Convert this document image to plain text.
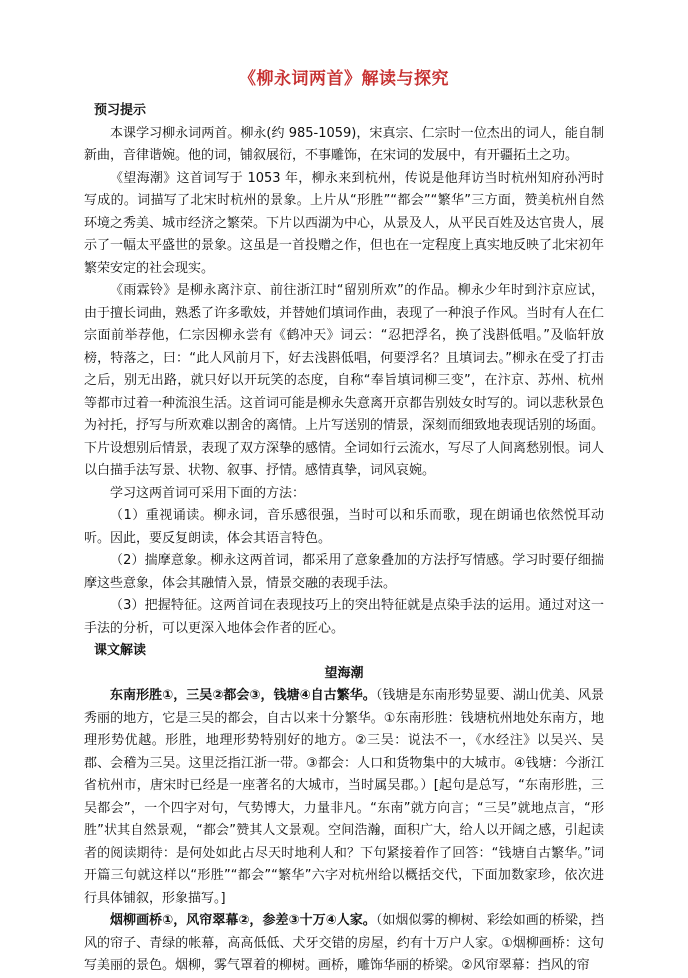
《柳永词两首》解读与探究
预习提示

本课学习柳永词两首。柳永(约 985-1059)，宋真宗、仁宗时一位杰出的词人，能自制新曲，音律谐婉。他的词，铺叙展衍，不事雕饰，在宋词的发展中，有开疆拓土之功。

《望海潮》这首词写于 1053 年，柳永来到杭州，传说是他拜访当时杭州知府孙沔时写成的。词描写了北宋时杭州的景象。上片从“形胜”“都会”“繁华”三方面，赞美杭州自然环境之秀美、城市经济之繁荣。下片以西湖为中心，从景及人，从平民百姓及达官贵人，展示了一幅太平盛世的景象。这虽是一首投赠之作，但也在一定程度上真实地反映了北宋初年繁荣安定的社会现实。

《雨霖铃》是柳永离汴京、前往浙江时“留别所欢”的作品。柳永少年时到汴京应试，由于擅长词曲，熟悉了许多歌妓，并替她们填词作曲，表现了一种浪子作风。当时有人在仁宗面前举荐他，仁宗因柳永尝有《鹤冲天》词云：“忍把浮名，换了浅斟低唱。”及临轩放榜，特落之，曰：“此人风前月下，好去浅斟低唱，何要浮名？且填词去。”柳永在受了打击之后，别无出路，就只好以开玩笑的态度，自称“奉旨填词柳三变”，在汴京、苏州、杭州等都市过着一种流浪生活。这首词可能是柳永失意离开京都告别妓女时写的。词以悲秋景色为衬托，抒写与所欢难以割舍的离情。上片写送别的情景，深刻而细致地表现话别的场面。下片设想别后情景，表现了双方深挚的感情。全词如行云流水，写尽了人间离愁别恨。词人以白描手法写景、状物、叙事、抒情。感情真挚，词风哀婉。

学习这两首词可采用下面的方法：

（1）重视诵读。柳永词，音乐感很强，当时可以和乐而歌，现在朗诵也依然悦耳动听。因此，要反复朗读，体会其语言特色。

（2）揣摩意象。柳永这两首词，都采用了意象叠加的方法抒写情感。学习时要仔细揣摩这些意象，体会其融情入景，情景交融的表现手法。

（3）把握特征。这两首词在表现技巧上的突出特征就是点染手法的运用。通过对这一手法的分析，可以更深入地体会作者的匠心。

课文解读

望海潮

东南形胜①，三吴②都会③，钱塘④自古繁华。（钱塘是东南形势显要、湖山优美、风景秀丽的地方，它是三吴的都会，自古以来十分繁华。①东南形胜：钱塘杭州地处东南方，地理形势优越。形胜，地理形势特别好的地方。②三吴：说法不一，《水经注》以吴兴、吴郡、会稽为三吴。这里泛指江浙一带。③都会：人口和货物集中的大城市。④钱塘：今浙江省杭州市，唐宋时已经是一座著名的大城市，当时属吴郡。）[起句是总写，“东南形胜，三吴都会”，一个四字对句，气势博大，力量非凡。“东南”就方向言；“三吴”就地点言，“形胜”状其自然景观，“都会”赞其人文景观。空间浩瀚，面积广大，给人以开阔之感，引起读者的阅读期待：是何处如此占尽天时地利人和？下句紧接着作了回答：“钱塘自古繁华。”词开篇三句就这样以“形胜”“都会”“繁华”六字对杭州给以概括交代，下面加数家珍，依次进行具体铺叙，形象描写。]

烟柳画桥①，风帘翠幕②，参差③十万④人家。（如烟似雾的柳树、彩绘如画的桥梁，挡风的帘子、青绿的帐幕，高高低低、犬牙交错的房屋，约有十万户人家。①烟柳画桥：这句写美丽的景色。烟柳，雾气罩着的柳树。画桥，雕饰华丽的桥梁。②风帘翠幕：挡风的帘
